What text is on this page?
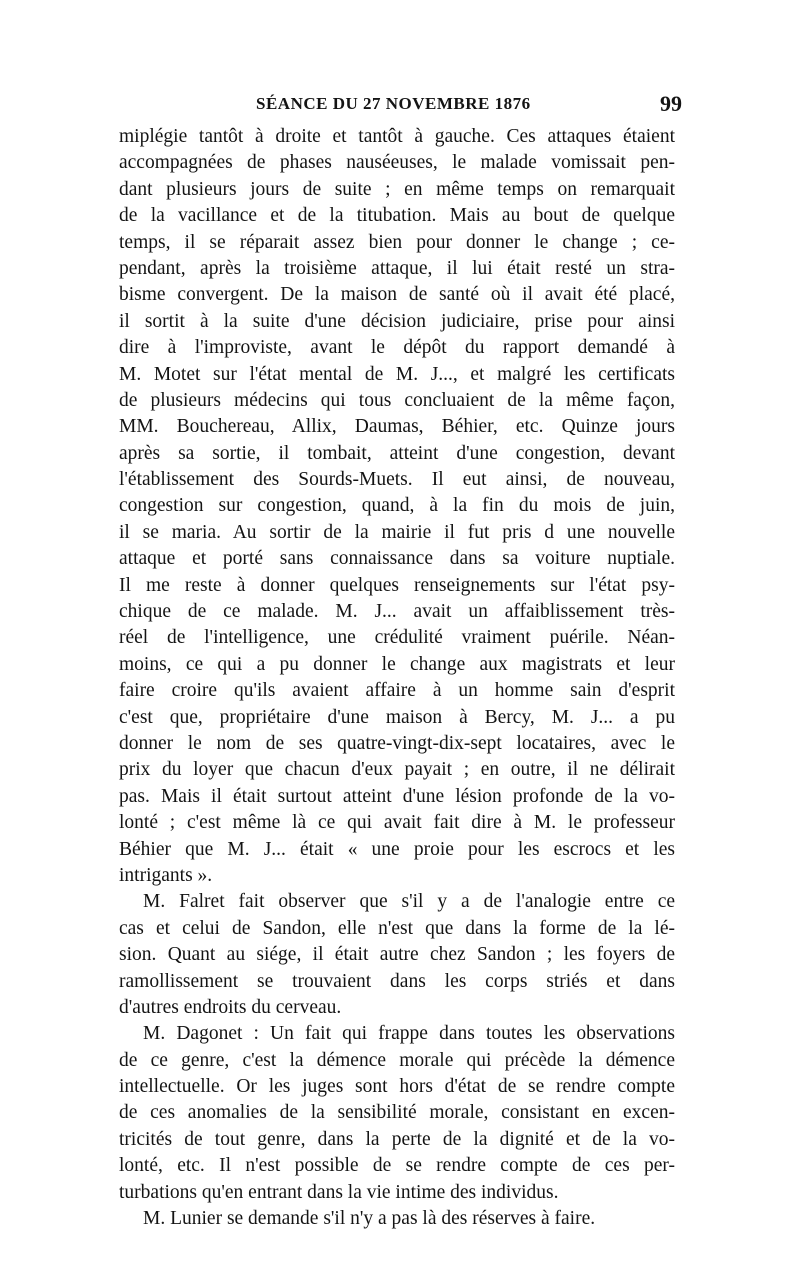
SÉANCE DU 27 NOVEMBRE 1876	99
miplégie tantôt à droite et tantôt à gauche. Ces attaques étaient
accompagnées de phases nauséeuses, le malade vomissait pen-
dant plusieurs jours de suite ; en même temps on remarquait
de la vacillance et de la titubation. Mais au bout de quelque
temps, il se réparait assez bien pour donner le change ; ce-
pendant, après la troisième attaque, il lui était resté un stra-
bisme convergent. De la maison de santé où il avait été placé,
il sortit à la suite d'une décision judiciaire, prise pour ainsi
dire à l'improviste, avant le dépôt du rapport demandé à
M. Motet sur l'état mental de M. J..., et malgré les certificats
de plusieurs médecins qui tous concluaient de la même façon,
MM. Bouchereau, Allix, Daumas, Béhier, etc. Quinze jours
après sa sortie, il tombait, atteint d'une congestion, devant
l'établissement des Sourds-Muets. Il eut ainsi, de nouveau,
congestion sur congestion, quand, à la fin du mois de juin,
il se maria. Au sortir de la mairie il fut pris d une nouvelle
attaque et porté sans connaissance dans sa voiture nuptiale.
Il me reste à donner quelques renseignements sur l'état psy-
chique de ce malade. M. J... avait un affaiblissement très-
réel de l'intelligence, une crédulité vraiment puérile. Néan-
moins, ce qui a pu donner le change aux magistrats et leur
faire croire qu'ils avaient affaire à un homme sain d'esprit
c'est que, propriétaire d'une maison à Bercy, M. J... a pu
donner le nom de ses quatre-vingt-dix-sept locataires, avec le
prix du loyer que chacun d'eux payait ; en outre, il ne délirait
pas. Mais il était surtout atteint d'une lésion profonde de la vo-
lonté ; c'est même là ce qui avait fait dire à M. le professeur
Béhier que M. J... était « une proie pour les escrocs et les
intrigants ».
M. Falret fait observer que s'il y a de l'analogie entre ce
cas et celui de Sandon, elle n'est que dans la forme de la lé-
sion. Quant au siége, il était autre chez Sandon ; les foyers de
ramollissement se trouvaient dans les corps striés et dans
d'autres endroits du cerveau.
M. Dagonet : Un fait qui frappe dans toutes les observations
de ce genre, c'est la démence morale qui précède la démence
intellectuelle. Or les juges sont hors d'état de se rendre compte
de ces anomalies de la sensibilité morale, consistant en excen-
tricités de tout genre, dans la perte de la dignité et de la vo-
lonté, etc. Il n'est possible de se rendre compte de ces per-
turbations qu'en entrant dans la vie intime des individus.
M. Lunier se demande s'il n'y a pas là des réserves à faire.
